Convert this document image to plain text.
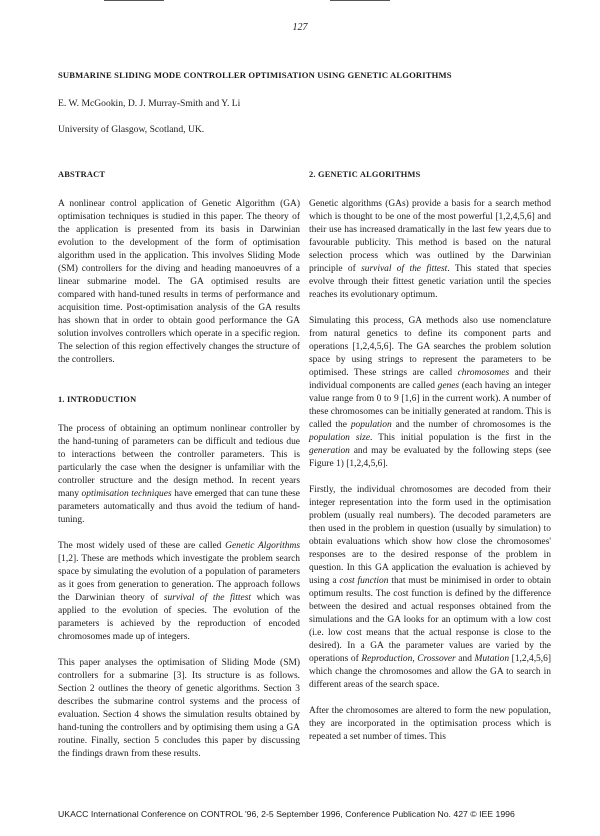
127
SUBMARINE SLIDING MODE CONTROLLER OPTIMISATION USING GENETIC ALGORITHMS
E. W. McGookin, D. J. Murray-Smith and Y. Li
University of Glasgow, Scotland, UK.
ABSTRACT

A nonlinear control application of Genetic Algorithm (GA) optimisation techniques is studied in this paper. The theory of the application is presented from its basis in Darwinian evolution to the development of the form of optimisation algorithm used in the application. This involves Sliding Mode (SM) controllers for the diving and heading manoeuvres of a linear submarine model. The GA optimised results are compared with hand-tuned results in terms of performance and acquisition time. Post-optimisation analysis of the GA results has shown that in order to obtain good performance the GA solution involves controllers which operate in a specific region. The selection of this region effectively changes the structure of the controllers.

1. INTRODUCTION

The process of obtaining an optimum nonlinear controller by the hand-tuning of parameters can be difficult and tedious due to interactions between the controller parameters. This is particularly the case when the designer is unfamiliar with the controller structure and the design method. In recent years many optimisation techniques have emerged that can tune these parameters automatically and thus avoid the tedium of hand-tuning.

The most widely used of these are called Genetic Algorithms [1,2]. These are methods which investigate the problem search space by simulating the evolution of a population of parameters as it goes from generation to generation. The approach follows the Darwinian theory of survival of the fittest which was applied to the evolution of species. The evolution of the parameters is achieved by the reproduction of encoded chromosomes made up of integers.

This paper analyses the optimisation of Sliding Mode (SM) controllers for a submarine [3]. Its structure is as follows. Section 2 outlines the theory of genetic algorithms. Section 3 describes the submarine control systems and the process of evaluation. Section 4 shows the simulation results obtained by hand-tuning the controllers and by optimising them using a GA routine. Finally, section 5 concludes this paper by discussing the findings drawn from these results.

2. GENETIC ALGORITHMS

Genetic algorithms (GAs) provide a basis for a search method which is thought to be one of the most powerful [1,2,4,5,6] and their use has increased dramatically in the last few years due to favourable publicity. This method is based on the natural selection process which was outlined by the Darwinian principle of survival of the fittest. This stated that species evolve through their fittest genetic variation until the species reaches its evolutionary optimum.

Simulating this process, GA methods also use nomenclature from natural genetics to define its component parts and operations [1,2,4,5,6]. The GA searches the problem solution space by using strings to represent the parameters to be optimised. These strings are called chromosomes and their individual components are called genes (each having an integer value range from 0 to 9 [1,6] in the current work). A number of these chromosomes can be initially generated at random. This is called the population and the number of chromosomes is the population size. This initial population is the first in the generation and may be evaluated by the following steps (see Figure 1) [1,2,4,5,6].

Firstly, the individual chromosomes are decoded from their integer representation into the form used in the optimisation problem (usually real numbers). The decoded parameters are then used in the problem in question (usually by simulation) to obtain evaluations which show how close the chromosomes' responses are to the desired response of the problem in question. In this GA application the evaluation is achieved by using a cost function that must be minimised in order to obtain optimum results. The cost function is defined by the difference between the desired and actual responses obtained from the simulations and the GA looks for an optimum with a low cost (i.e. low cost means that the actual response is close to the desired). In a GA the parameter values are varied by the operations of Reproduction, Crossover and Mutation [1,2,4,5,6] which change the chromosomes and allow the GA to search in different areas of the search space.

After the chromosomes are altered to form the new population, they are incorporated in the optimisation process which is repeated a set number of times. This

UKACC International Conference on CONTROL '96, 2-5 September 1996, Conference Publication No. 427 © IEE 1996
